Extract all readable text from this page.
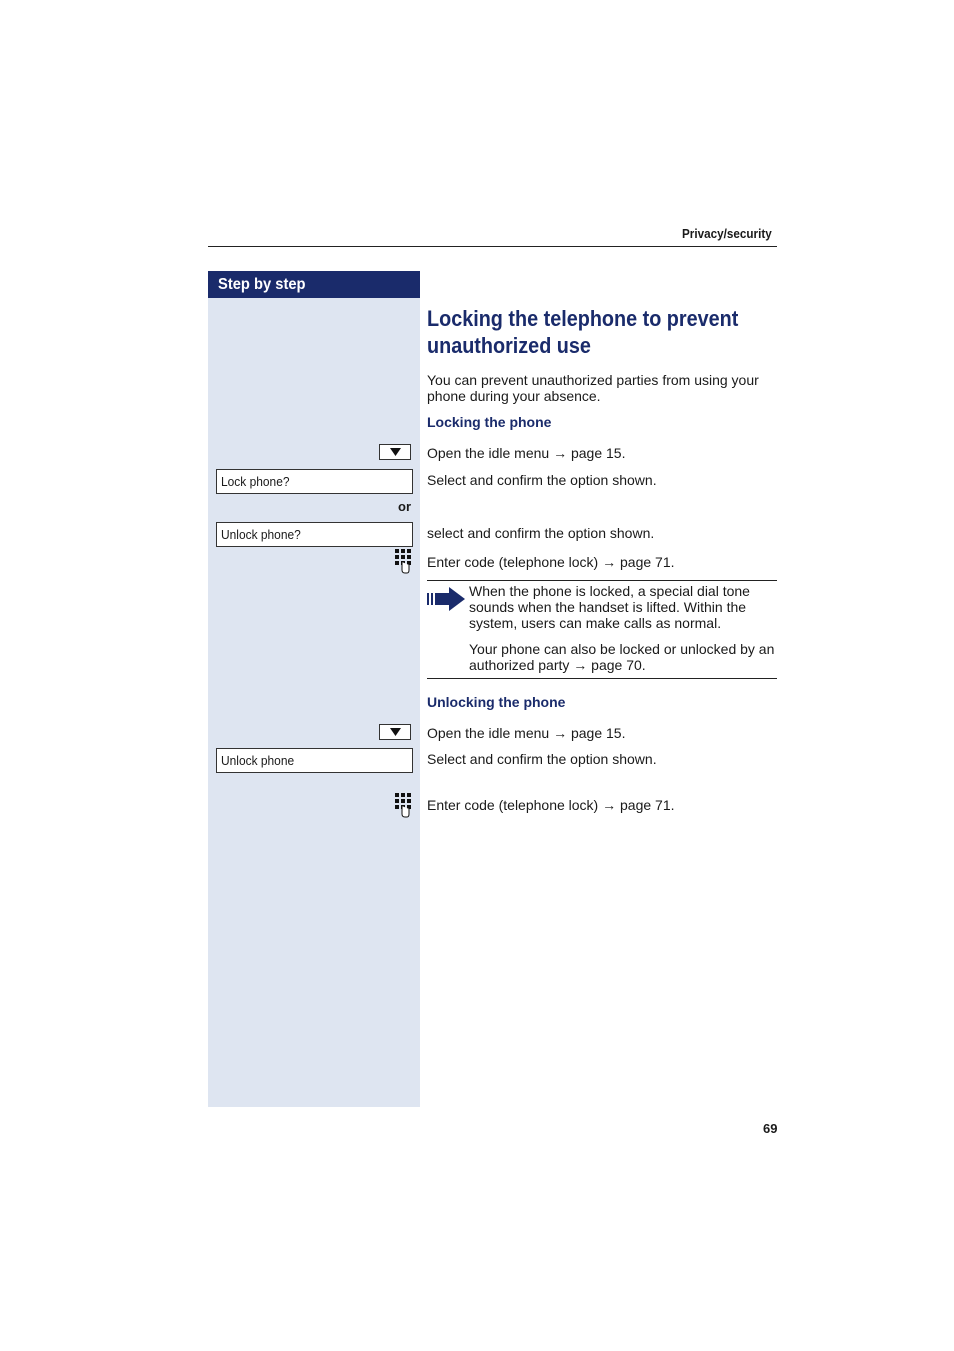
Privacy/security
Step by step
Locking the telephone to prevent
unauthorized use
You can prevent unauthorized parties from using your
phone during your absence.
Locking the phone
Open the idle menu → page 15.
Lock phone?	Select and confirm the option shown.
or
Unlock phone?	select and confirm the option shown.
Enter code (telephone lock) → page 71.
When the phone is locked, a special dial tone
sounds when the handset is lifted. Within the
system, users can make calls as normal.
Your phone can also be locked or unlocked by an
authorized party → page 70.
Unlocking the phone
Open the idle menu → page 15.
Unlock phone	Select and confirm the option shown.
Enter code (telephone lock) → page 71.
69
